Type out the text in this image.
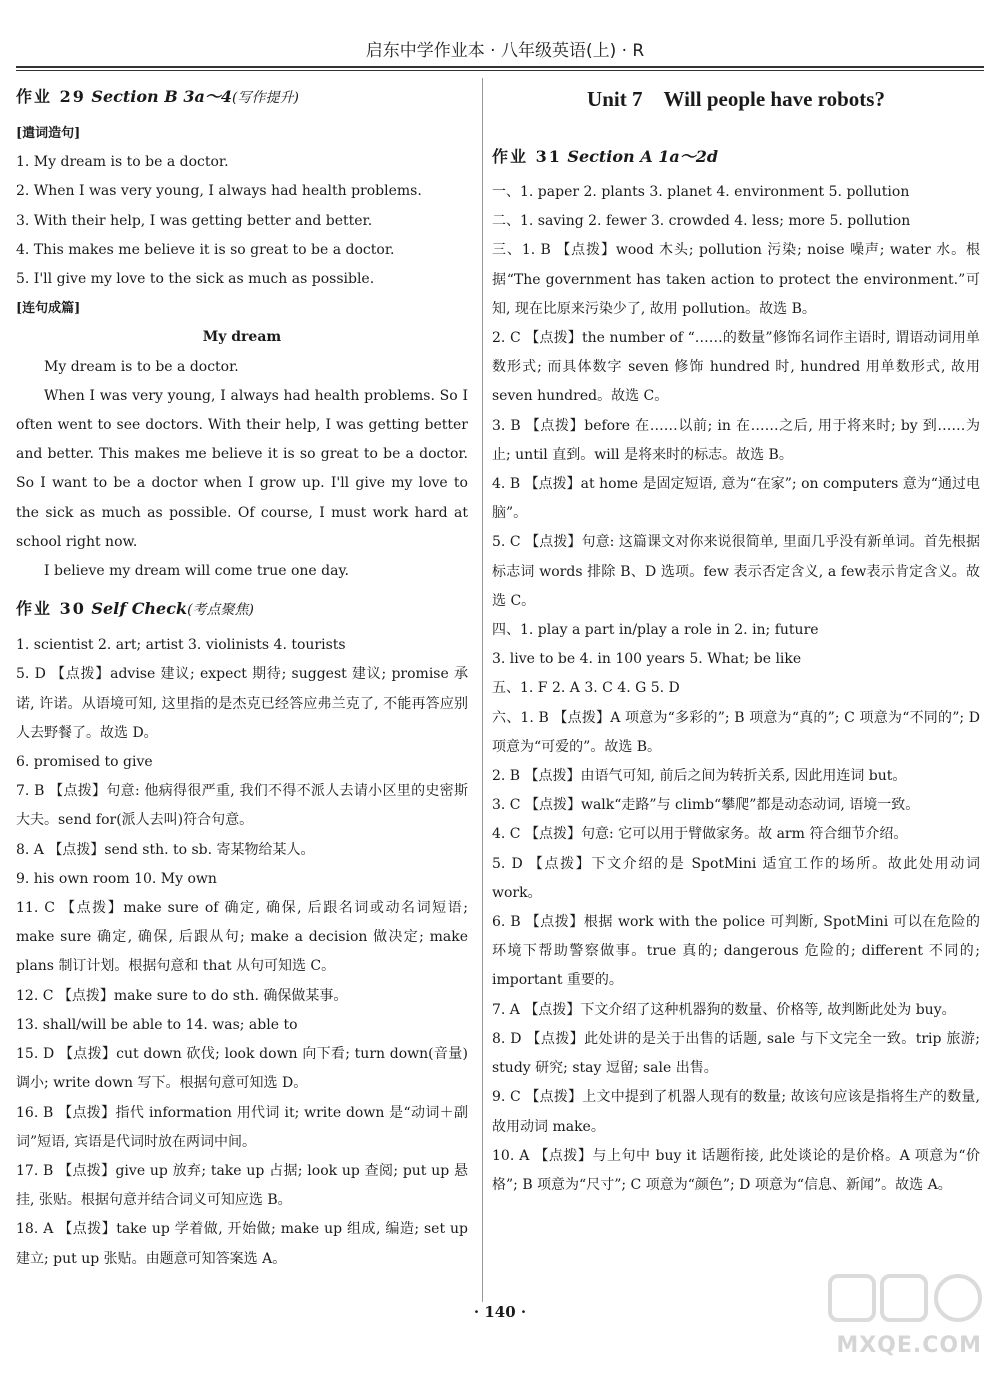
启东中学作业本 · 八年级英语(上) · R
作业 29 Section B 3a～4(写作提升)
[遣词造句]
1. My dream is to be a doctor.
2. When I was very young, I always had health problems.
3. With their help, I was getting better and better.
4. This makes me believe it is so great to be a doctor.
5. I'll give my love to the sick as much as possible.
[连句成篇]
My dream
My dream is to be a doctor.
When I was very young, I always had health problems. So I often went to see doctors. With their help, I was getting better and better. This makes me believe it is so great to be a doctor. So I want to be a doctor when I grow up. I'll give my love to the sick as much as possible. Of course, I must work hard at school right now.
I believe my dream will come true one day.
作业 30 Self Check(考点聚焦)
1. scientist 2. art; artist 3. violinists 4. tourists
5. D 【点拨】advise 建议; expect 期待; suggest 建议; promise 承诺, 许诺。从语境可知, 这里指的是杰克已经答应弗兰克了, 不能再答应别人去野餐了。故选 D。
6. promised to give
7. B 【点拨】句意: 他病得很严重, 我们不得不派人去请小区里的史密斯大夫。send for(派人去叫)符合句意。
8. A 【点拨】send sth. to sb. 寄某物给某人。
9. his own room 10. My own
11. C 【点拨】make sure of 确定, 确保, 后跟名词或动名词短语; make sure 确定, 确保, 后跟从句; make a decision 做决定; make plans 制订计划。根据句意和 that 从句可知选 C。
12. C 【点拨】make sure to do sth. 确保做某事。
13. shall/will be able to 14. was; able to
15. D 【点拨】cut down 砍伐; look down 向下看; turn down(音量)调小; write down 写下。根据句意可知选 D。
16. B 【点拨】指代 information 用代词 it; write down 是“动词＋副词”短语, 宾语是代词时放在两词中间。
17. B 【点拨】give up 放弃; take up 占据; look up 查阅; put up 悬挂, 张贴。根据句意并结合词义可知应选 B。
18. A 【点拨】take up 学着做, 开始做; make up 组成, 编造; set up 建立; put up 张贴。由题意可知答案选 A。
Unit 7　Will people have robots?
作业 31 Section A 1a～2d
一、1. paper 2. plants 3. planet 4. environment 5. pollution
二、1. saving 2. fewer 3. crowded 4. less; more 5. pollution
三、1. B 【点拨】wood 木头; pollution 污染; noise 噪声; water 水。根据“The government has taken action to protect the environment.”可知, 现在比原来污染少了, 故用 pollution。故选 B。
2. C 【点拨】the number of “……的数量”修饰名词作主语时, 谓语动词用单数形式; 而具体数字 seven 修饰 hundred 时, hundred 用单数形式, 故用 seven hundred。故选 C。
3. B 【点拨】before 在……以前; in 在……之后, 用于将来时; by 到……为止; until 直到。will 是将来时的标志。故选 B。
4. B 【点拨】at home 是固定短语, 意为“在家”; on computers 意为“通过电脑”。
5. C 【点拨】句意: 这篇课文对你来说很简单, 里面几乎没有新单词。首先根据标志词 words 排除 B、D 选项。few 表示否定含义, a few表示肯定含义。故选 C。
四、1. play a part in/play a role in 2. in; future
3. live to be 4. in 100 years 5. What; be like
五、1. F 2. A 3. C 4. G 5. D
六、1. B 【点拨】A 项意为“多彩的”; B 项意为“真的”; C 项意为“不同的”; D 项意为“可爱的”。故选 B。
2. B 【点拨】由语气可知, 前后之间为转折关系, 因此用连词 but。
3. C 【点拨】walk“走路”与 climb“攀爬”都是动态动词, 语境一致。
4. C 【点拨】句意: 它可以用于臂做家务。故 arm 符合细节介绍。
5. D 【点拨】下文介绍的是 SpotMini 适宜工作的场所。故此处用动词 work。
6. B 【点拨】根据 work with the police 可判断, SpotMini 可以在危险的环境下帮助警察做事。true 真的; dangerous 危险的; different 不同的; important 重要的。
7. A 【点拨】下文介绍了这种机器狗的数量、价格等, 故判断此处为 buy。
8. D 【点拨】此处讲的是关于出售的话题, sale 与下文完全一致。trip 旅游; study 研究; stay 逗留; sale 出售。
9. C 【点拨】上文中提到了机器人现有的数量; 故该句应该是指将生产的数量, 故用动词 make。
10. A 【点拨】与上句中 buy it 话题衔接, 此处谈论的是价格。A 项意为“价格”; B 项意为“尺寸”; C 项意为“颜色”; D 项意为“信息、新闻”。故选 A。
· 140 ·
MXQE.COM
